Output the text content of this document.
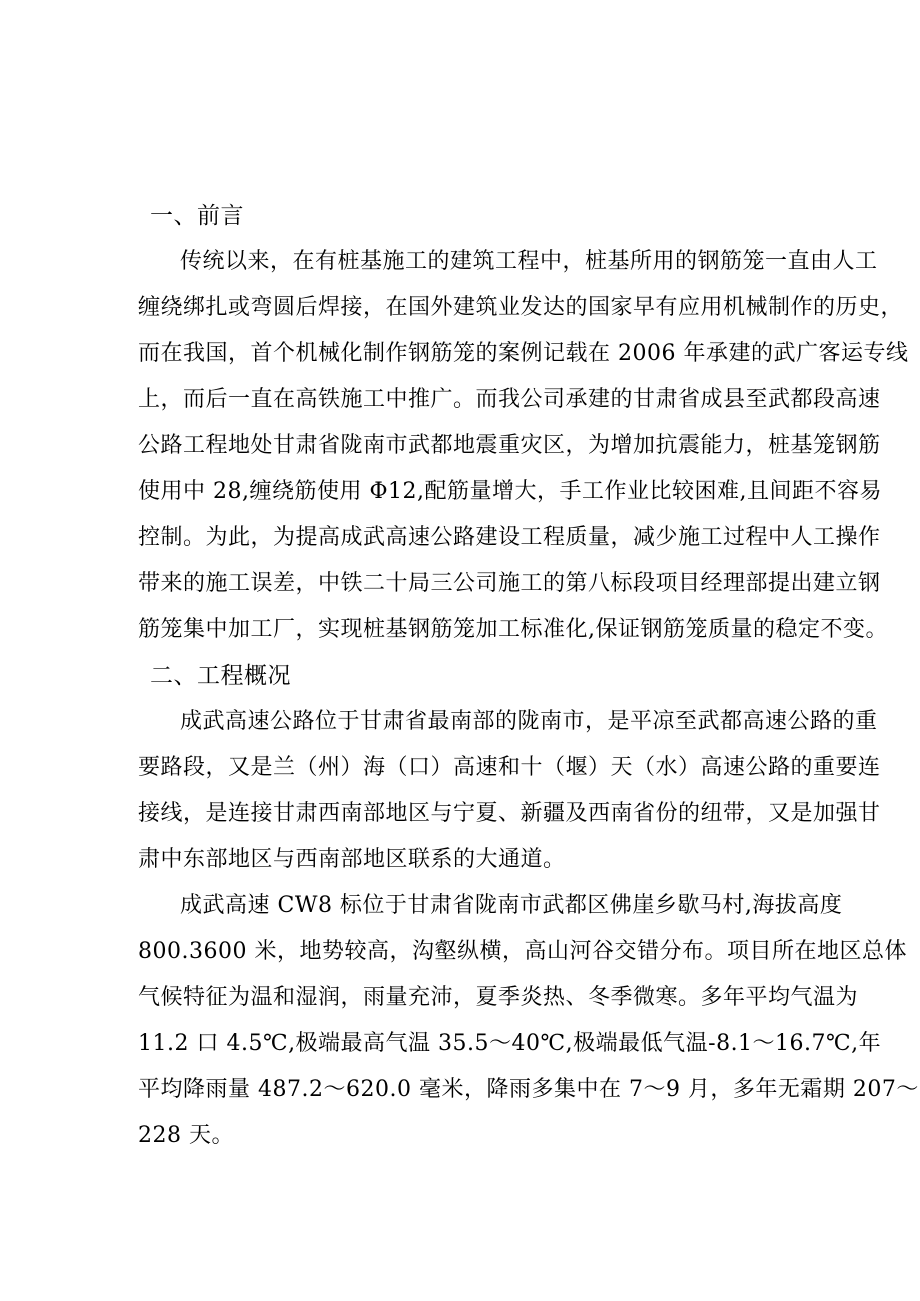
一、前言
传统以来，在有桩基施工的建筑工程中，桩基所用的钢筋笼一直由人工
缠绕绑扎或弯圆后焊接，在国外建筑业发达的国家早有应用机械制作的历史，
而在我国，首个机械化制作钢筋笼的案例记载在 2006 年承建的武广客运专线
上，而后一直在高铁施工中推广。而我公司承建的甘肃省成县至武都段高速
公路工程地处甘肃省陇南市武都地震重灾区，为增加抗震能力，桩基笼钢筋
使用中 28,缠绕筋使用 Φ12,配筋量增大，手工作业比较困难,且间距不容易
控制。为此，为提高成武高速公路建设工程质量，减少施工过程中人工操作
带来的施工误差，中铁二十局三公司施工的第八标段项目经理部提出建立钢
筋笼集中加工厂，实现桩基钢筋笼加工标准化,保证钢筋笼质量的稳定不变。
二、工程概况
成武高速公路位于甘肃省最南部的陇南市，是平凉至武都高速公路的重
要路段，又是兰（州）海（口）高速和十（堰）天（水）高速公路的重要连
接线，是连接甘肃西南部地区与宁夏、新疆及西南省份的纽带，又是加强甘
肃中东部地区与西南部地区联系的大通道。
成武高速 CW8 标位于甘肃省陇南市武都区佛崖乡歇马村,海拔高度
800.3600 米，地势较高，沟壑纵横，高山河谷交错分布。项目所在地区总体
气候特征为温和湿润，雨量充沛，夏季炎热、冬季微寒。多年平均气温为
11.2 口 4.5℃,极端最高气温 35.5～40℃,极端最低气温-8.1～16.7℃,年
平均降雨量 487.2～620.0 毫米，降雨多集中在 7～9 月，多年无霜期 207～
228 天。
